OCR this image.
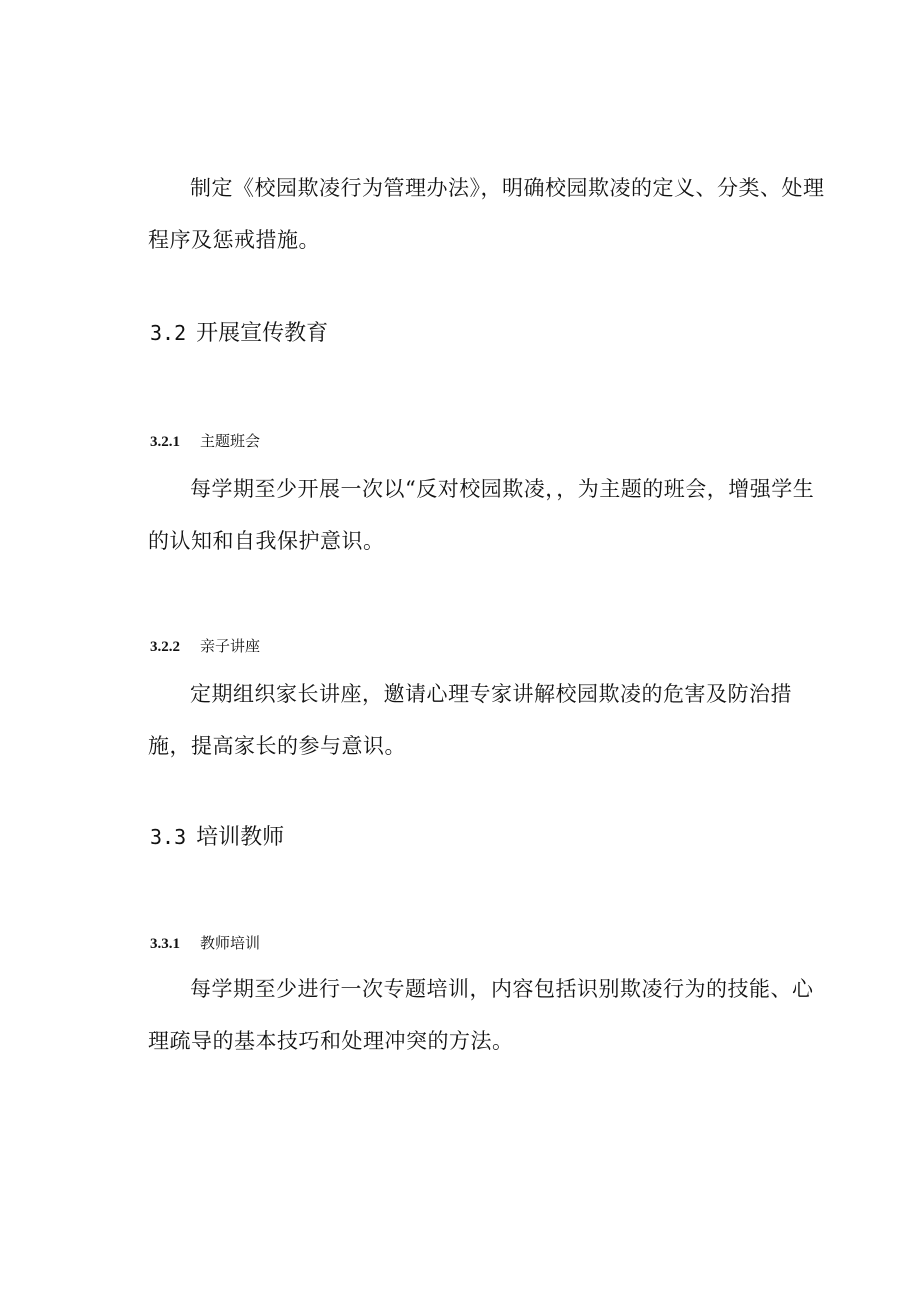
制定《校园欺凌行为管理办法》，明确校园欺凌的定义、分类、处理程序及惩戒措施。

3.2 开展宣传教育
3.2.1 主题班会

每学期至少开展一次以“反对校园欺凌，，为主题的班会，增强学生的认知和自我保护意识。

3.2.2 亲子讲座

定期组织家长讲座，邀请心理专家讲解校园欺凌的危害及防治措施，提高家长的参与意识。

3.3 培训教师
3.3.1 教师培训

每学期至少进行一次专题培训，内容包括识别欺凌行为的技能、心理疏导的基本技巧和处理冲突的方法。
